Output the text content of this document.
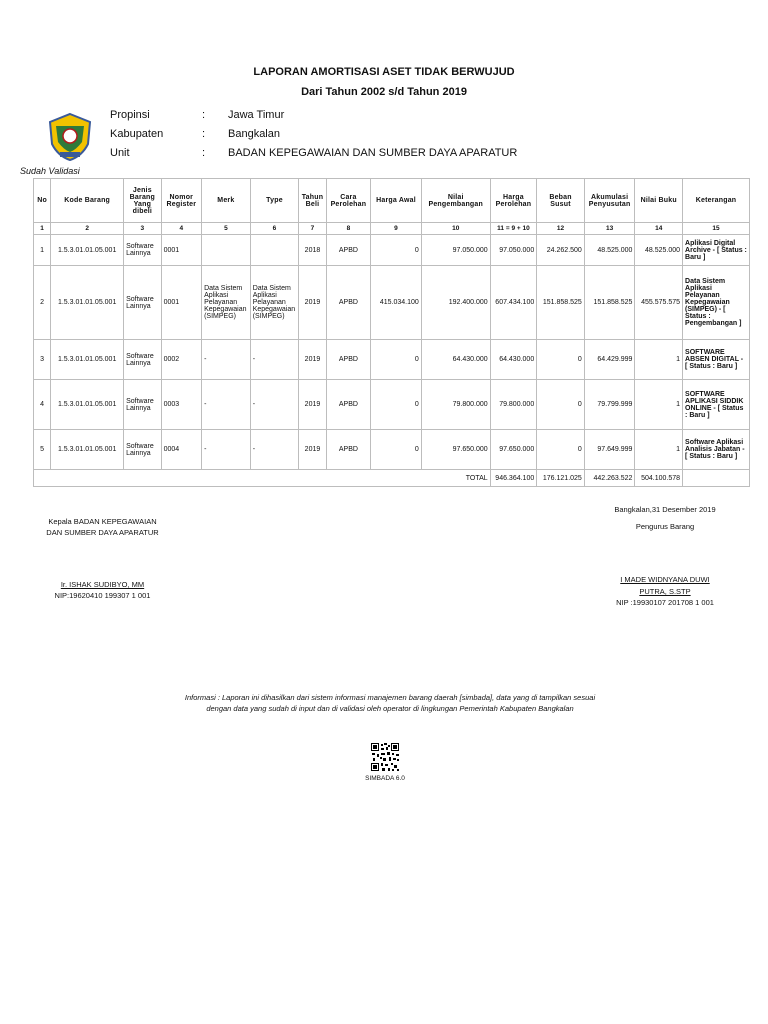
LAPORAN AMORTISASI ASET TIDAK BERWUJUD
Dari Tahun 2002 s/d Tahun 2019
Propinsi	: Jawa Timur
Kabupaten	: Bangkalan
Unit	: BADAN KEPEGAWAIAN DAN SUMBER DAYA APARATUR
Sudah Validasi
No	Kode Barang	Jenis Barang Yang dibeli	Nomor Register	Merk	Type	Tahun Beli	Cara Perolehan	Harga Awal	Nilai Pengembangan	Harga Perolehan	Beban Susut	Akumulasi Penyusutan	Nilai Buku	Keterangan
1	2	3	4	5	6	7	8	9	10	11 = 9 + 10	12	13	14	15
1	1.5.3.01.01.05.001	Software Lainnya	0001			2018	APBD	0	97.050.000	97.050.000	24.262.500	48.525.000	48.525.000	Aplikasi Digital Archive - [ Status : Baru ]
2	1.5.3.01.01.05.001	Software Lainnya	0001	Data Sistem Aplikasi Pelayanan Kepegawaian (SIMPEG)	Data Sistem Aplikasi Pelayanan Kepegawaian (SIMPEG)	2019	APBD	415.034.100	192.400.000	607.434.100	151.858.525	151.858.525	455.575.575	Data Sistem Aplikasi Pelayanan Kepegawaian (SIMPEG) - [ Status : Pengembangan ]
3	1.5.3.01.01.05.001	Software Lainnya	0002	-	-	2019	APBD	0	64.430.000	64.430.000	0	64.429.999	1	SOFTWARE ABSEN DIGITAL - [ Status : Baru ]
4	1.5.3.01.01.05.001	Software Lainnya	0003	-	-	2019	APBD	0	79.800.000	79.800.000	0	79.799.999	1	SOFTWARE APLIKASI SIDDIK ONLINE - [ Status : Baru ]
5	1.5.3.01.01.05.001	Software Lainnya	0004	-	-	2019	APBD	0	97.650.000	97.650.000	0	97.649.999	1	Software Aplikasi Analisis Jabatan - [ Status : Baru ]
TOTAL										946.364.100	176.121.025	442.263.522	504.100.578	
Kepala BADAN KEPEGAWAIAN
DAN SUMBER DAYA APARATUR
Ir. ISHAK SUDIBYO, MM
NIP:19620410 199307 1 001
Bangkalan,31 Desember 2019
Pengurus Barang
I MADE WIDNYANA DUWI
PUTRA, S.STP
NIP :19930107 201708 1 001
Informasi : Laporan ini dihasilkan dari sistem informasi manajemen barang daerah [simbada], data yang di tampilkan sesuai dengan data yang sudah di input dan di validasi oleh operator di lingkungan Pemerintah Kabupaten Bangkalan
SIMBADA 6.0
